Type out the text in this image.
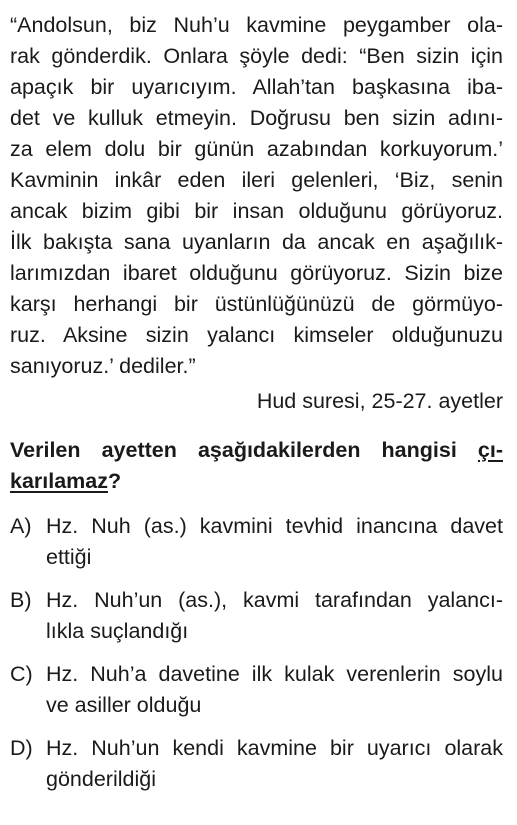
“Andolsun, biz Nuh’u kavmine peygamber ola-
rak gönderdik. Onlara şöyle dedi: “Ben sizin için
apaçık bir uyarıcıyım. Allah’tan başkasına iba-
det ve kulluk etmeyin. Doğrusu ben sizin adını-
za elem dolu bir günün azabından korkuyorum.’
Kavminin inkâr eden ileri gelenleri, ‘Biz, senin
ancak bizim gibi bir insan olduğunu görüyoruz.
İlk bakışta sana uyanların da ancak en aşağılık-
larımızdan ibaret olduğunu görüyoruz. Sizin bize
karşı herhangi bir üstünlüğünüzü de görmüyo-
ruz. Aksine sizin yalancı kimseler olduğunuzu
sanıyoruz.’ dediler.”
Hud suresi, 25-27. ayetler
Verilen ayetten aşağıdakilerden hangisi çı-
karılamaz?
A) Hz. Nuh (as.) kavmini tevhid inancına davet
ettiği
B) Hz. Nuh’un (as.), kavmi tarafından yalancı-
lıkla suçlandığı
C) Hz. Nuh’a davetine ilk kulak verenlerin soylu
ve asiller olduğu
D) Hz. Nuh’un kendi kavmine bir uyarıcı olarak
gönderildiği
